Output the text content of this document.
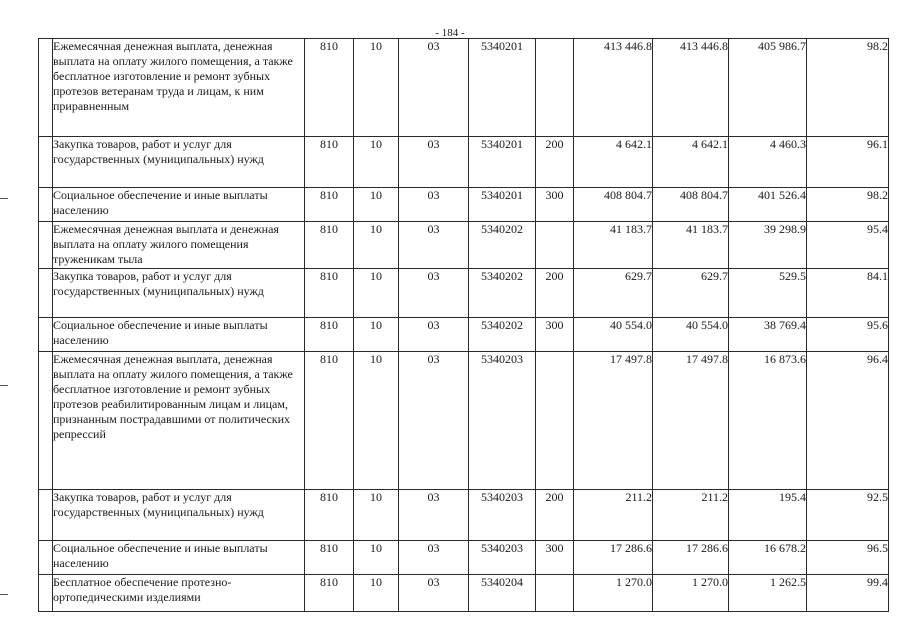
- 184 -
	Ежемесячная денежная выплата, денежная выплата на оплату жилого помещения, а также бесплатное изготовление и ремонт зубных протезов ветеранам труда и лицам, к ним приравненным	810	10	03	5340201		413 446.8	413 446.8	405 986.7	98.2
	Закупка товаров, работ и услуг для государственных (муниципальных) нужд	810	10	03	5340201	200	4 642.1	4 642.1	4 460.3	96.1
	Социальное обеспечение и иные выплаты населению	810	10	03	5340201	300	408 804.7	408 804.7	401 526.4	98.2
	Ежемесячная денежная выплата и денежная выплата на оплату жилого помещения труженикам тыла	810	10	03	5340202		41 183.7	41 183.7	39 298.9	95.4
	Закупка товаров, работ и услуг для государственных (муниципальных) нужд	810	10	03	5340202	200	629.7	629.7	529.5	84.1
	Социальное обеспечение и иные выплаты населению	810	10	03	5340202	300	40 554.0	40 554.0	38 769.4	95.6
	Ежемесячная денежная выплата, денежная выплата на оплату жилого помещения, а также бесплатное изготовление и ремонт зубных протезов реабилитированным лицам и лицам, признанным пострадавшими от политических репрессий	810	10	03	5340203		17 497.8	17 497.8	16 873.6	96.4
	Закупка товаров, работ и услуг для государственных (муниципальных) нужд	810	10	03	5340203	200	211.2	211.2	195.4	92.5
	Социальное обеспечение и иные выплаты населению	810	10	03	5340203	300	17 286.6	17 286.6	16 678.2	96.5
	Бесплатное обеспечение протезно-ортопедическими изделиями	810	10	03	5340204		1 270.0	1 270.0	1 262.5	99.4
